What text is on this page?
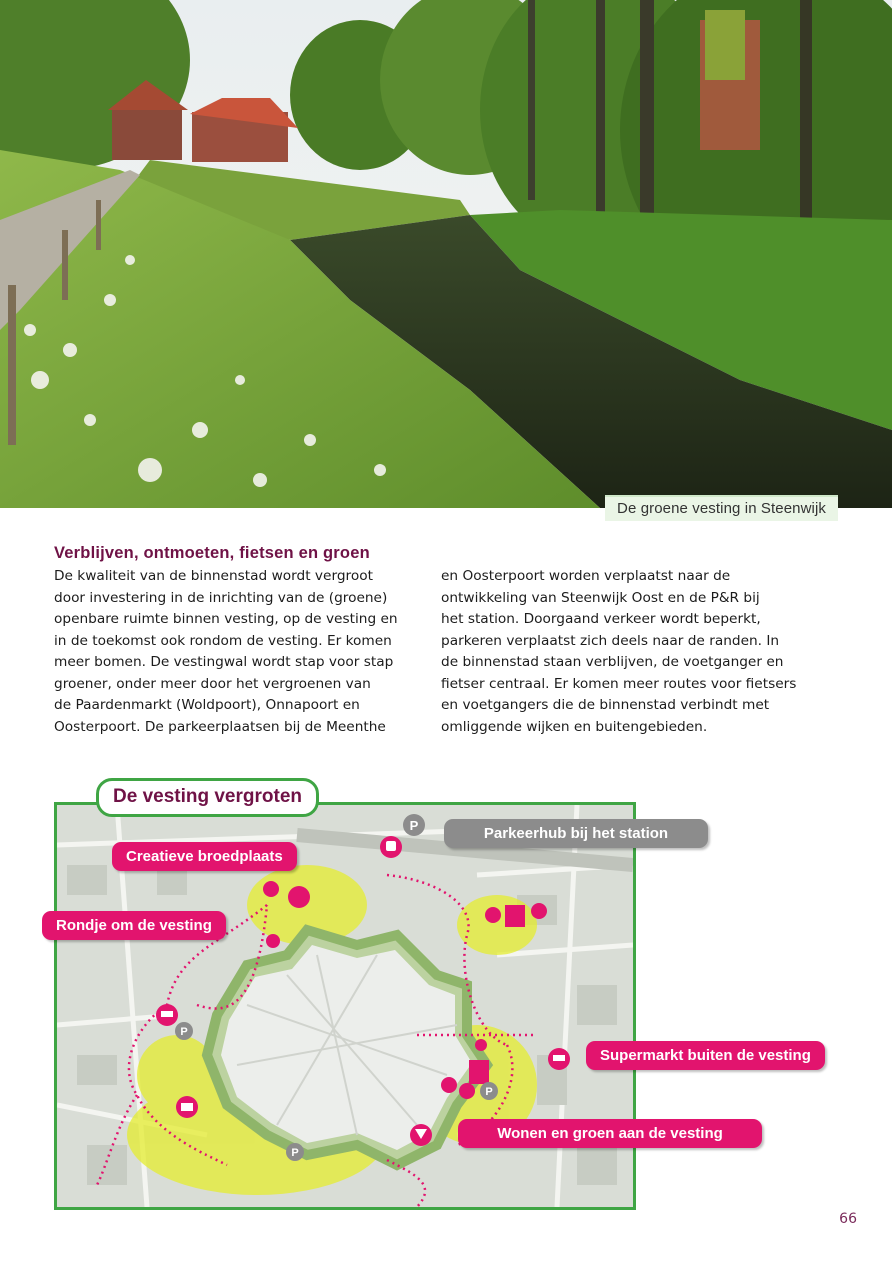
De groene vesting in Steenwijk
Verblijven, ontmoeten, fietsen en groen

De kwaliteit van de binnenstad wordt vergroot
door investering in de inrichting van de (groene)
openbare ruimte binnen vesting, op de vesting en
in de toekomst ook rondom de vesting. Er komen
meer bomen. De vestingwal wordt stap voor stap
groener, onder meer door het vergroenen van
de Paardenmarkt (Woldpoort), Onnapoort en
Oosterpoort. De parkeerplaatsen bij de Meenthe

en Oosterpoort worden verplaatst naar de
ontwikkeling van Steenwijk Oost en de P&R bij
het station. Doorgaand verkeer wordt beperkt,
parkeren verplaatst zich deels naar de randen. In
de binnenstad staan verblijven, de voetganger en
fietser centraal. Er komen meer routes voor fietsers
en voetgangers die de binnenstad verbindt met
omliggende wijken en buitengebieden.

P
P
P
P
De vesting vergroten
Creatieve broedplaats
Rondje om de vesting
Parkeerhub bij het station
Supermarkt buiten de vesting
Wonen en groen aan de vesting
66
